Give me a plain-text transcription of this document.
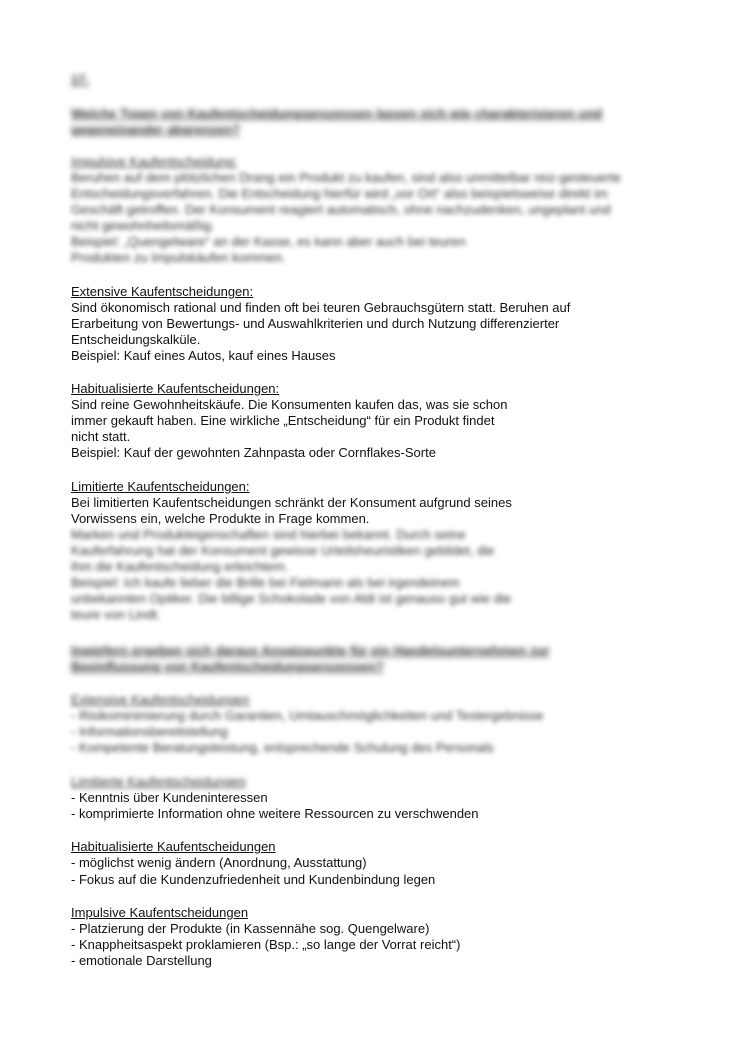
17.
Welche Typen von Kaufentscheidungsprozessen lassen sich wie charakterisieren und
gegeneinander abgrenzen?
Impulsive Kaufentscheidung:
Beruhen auf dem plötzlichen Drang ein Produkt zu kaufen, sind also unmittelbar reiz-gesteuerte
Entscheidungsverfahren. Die Entscheidung hierfür wird „vor Ort“ also beispielsweise direkt im
Geschäft getroffen. Der Konsument reagiert automatisch, ohne nachzudenken, ungeplant und
nicht gewohnheitsmäßig.
Beispiel: „Quengelware“ an der Kasse, es kann aber auch bei teuren
Produkten zu Impulskäufen kommen.
Extensive Kaufentscheidungen:
Sind ökonomisch rational und finden oft bei teuren Gebrauchsgütern statt. Beruhen auf
Erarbeitung von Bewertungs- und Auswahlkriterien und durch Nutzung differenzierter
Entscheidungskalküle.
Beispiel: Kauf eines Autos, kauf eines Hauses
Habitualisierte Kaufentscheidungen:
Sind reine Gewohnheitskäufe. Die Konsumenten kaufen das, was sie schon
immer gekauft haben. Eine wirkliche „Entscheidung“ für ein Produkt findet
nicht statt.
Beispiel: Kauf der gewohnten Zahnpasta oder Cornflakes-Sorte
Limitierte Kaufentscheidungen:
Bei limitierten Kaufentscheidungen schränkt der Konsument aufgrund seines
Vorwissens ein, welche Produkte in Frage kommen.
Marken und Produkteigenschaften sind hierbei bekannt. Durch seine
Kauferfahrung hat der Konsument gewisse Urteilsheuristiken gebildet, die
ihm die Kaufentscheidung erleichtern.
Beispiel: Ich kaufe lieber die Brille bei Fielmann als bei irgendeinem
unbekannten Optiker. Die billige Schokolade von Aldi ist genauso gut wie die
teure von Lindt.
Inwiefern ergeben sich daraus Ansatzpunkte für ein Handelsunternehmen zur
Beeinflussung von Kaufentscheidungsprozessen?
Extensive Kaufentscheidungen
- Risikominimierung durch Garantien, Umtauschmöglichkeiten und Testergebnisse
- Informationsbereitstellung
- Kompetente Beratungsleistung, entsprechende Schulung des Personals
Limitierte Kaufentscheidungen
- Kenntnis über Kundeninteressen
- komprimierte Information ohne weitere Ressourcen zu verschwenden
Habitualisierte Kaufentscheidungen
- möglichst wenig ändern (Anordnung, Ausstattung)
- Fokus auf die Kundenzufriedenheit und Kundenbindung legen
Impulsive Kaufentscheidungen
- Platzierung der Produkte (in Kassennähe sog. Quengelware)
- Knappheitsaspekt proklamieren (Bsp.: „so lange der Vorrat reicht“)
- emotionale Darstellung
